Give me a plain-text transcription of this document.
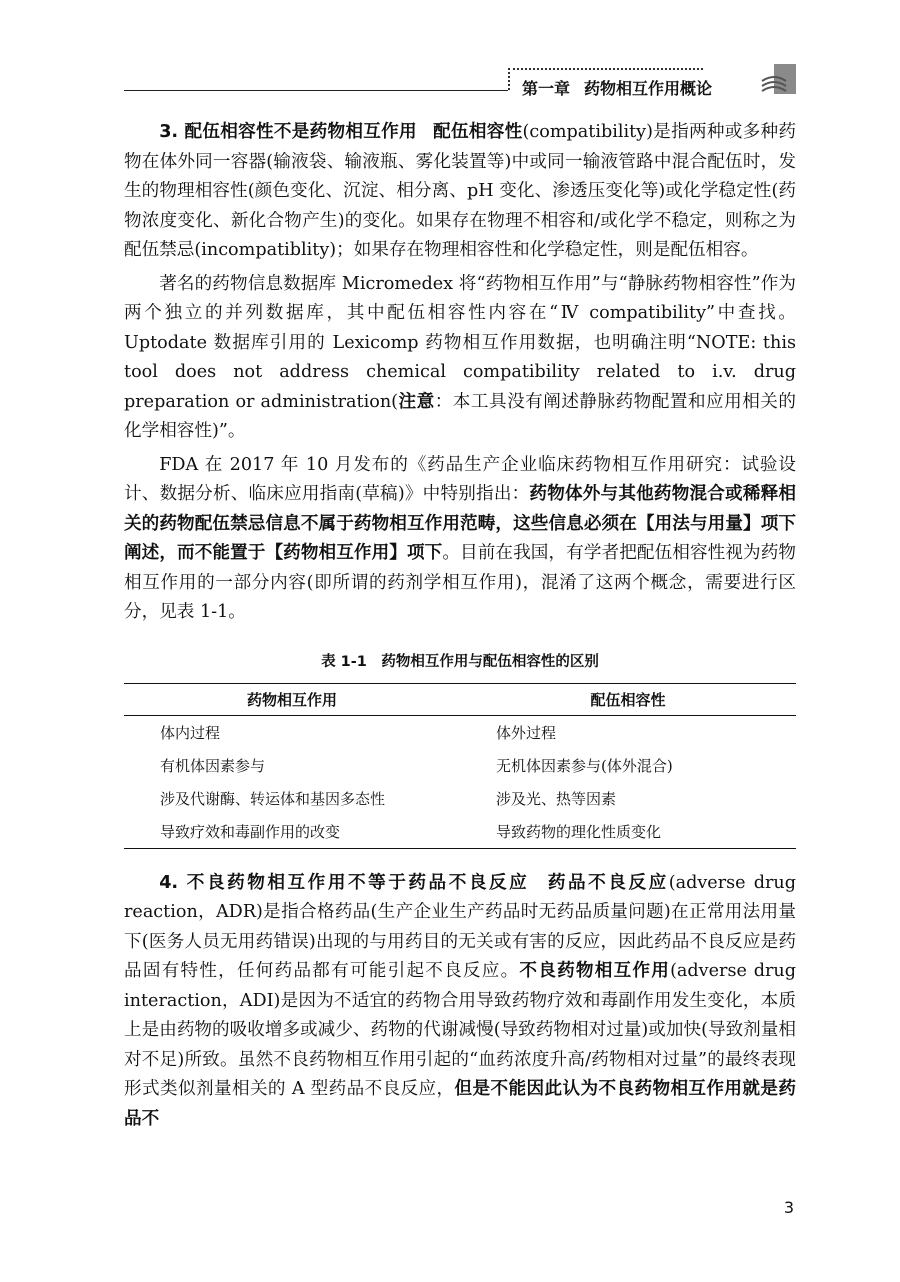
第一章 药物相互作用概论

3. 配伍相容性不是药物相互作用 配伍相容性(compatibility)是指两种或多种药物在体外同一容器(输液袋、输液瓶、雾化装置等)中或同一输液管路中混合配伍时，发生的物理相容性(颜色变化、沉淀、相分离、pH 变化、渗透压变化等)或化学稳定性(药物浓度变化、新化合物产生)的变化。如果存在物理不相容和/或化学不稳定，则称之为配伍禁忌(incompatiblity)；如果存在物理相容性和化学稳定性，则是配伍相容。

著名的药物信息数据库 Micromedex 将“药物相互作用”与“静脉药物相容性”作为两个独立的并列数据库，其中配伍相容性内容在“Ⅳ compatibility”中查找。Uptodate 数据库引用的 Lexicomp 药物相互作用数据，也明确注明“NOTE: this tool does not address chemical compatibility related to i.v. drug preparation or administration(注意：本工具没有阐述静脉药物配置和应用相关的化学相容性)”。

FDA 在 2017 年 10 月发布的《药品生产企业临床药物相互作用研究：试验设计、数据分析、临床应用指南(草稿)》中特别指出：药物体外与其他药物混合或稀释相关的药物配伍禁忌信息不属于药物相互作用范畴，这些信息必须在【用法与用量】项下阐述，而不能置于【药物相互作用】项下。目前在我国，有学者把配伍相容性视为药物相互作用的一部分内容(即所谓的药剂学相互作用)，混淆了这两个概念，需要进行区分，见表 1-1。

表 1-1　药物相互作用与配伍相容性的区别
药物相互作用	配伍相容性
体内过程	体外过程
有机体因素参与	无机体因素参与(体外混合)
涉及代谢酶、转运体和基因多态性	涉及光、热等因素
导致疗效和毒副作用的改变	导致药物的理化性质变化

4. 不良药物相互作用不等于药品不良反应 药品不良反应(adverse drug reaction，ADR)是指合格药品(生产企业生产药品时无药品质量问题)在正常用法用量下(医务人员无用药错误)出现的与用药目的无关或有害的反应，因此药品不良反应是药品固有特性，任何药品都有可能引起不良反应。不良药物相互作用(adverse drug interaction，ADI)是因为不适宜的药物合用导致药物疗效和毒副作用发生变化，本质上是由药物的吸收增多或减少、药物的代谢减慢(导致药物相对过量)或加快(导致剂量相对不足)所致。虽然不良药物相互作用引起的“血药浓度升高/药物相对过量”的最终表现形式类似剂量相关的 A 型药品不良反应，但是不能因此认为不良药物相互作用就是药品不

3
